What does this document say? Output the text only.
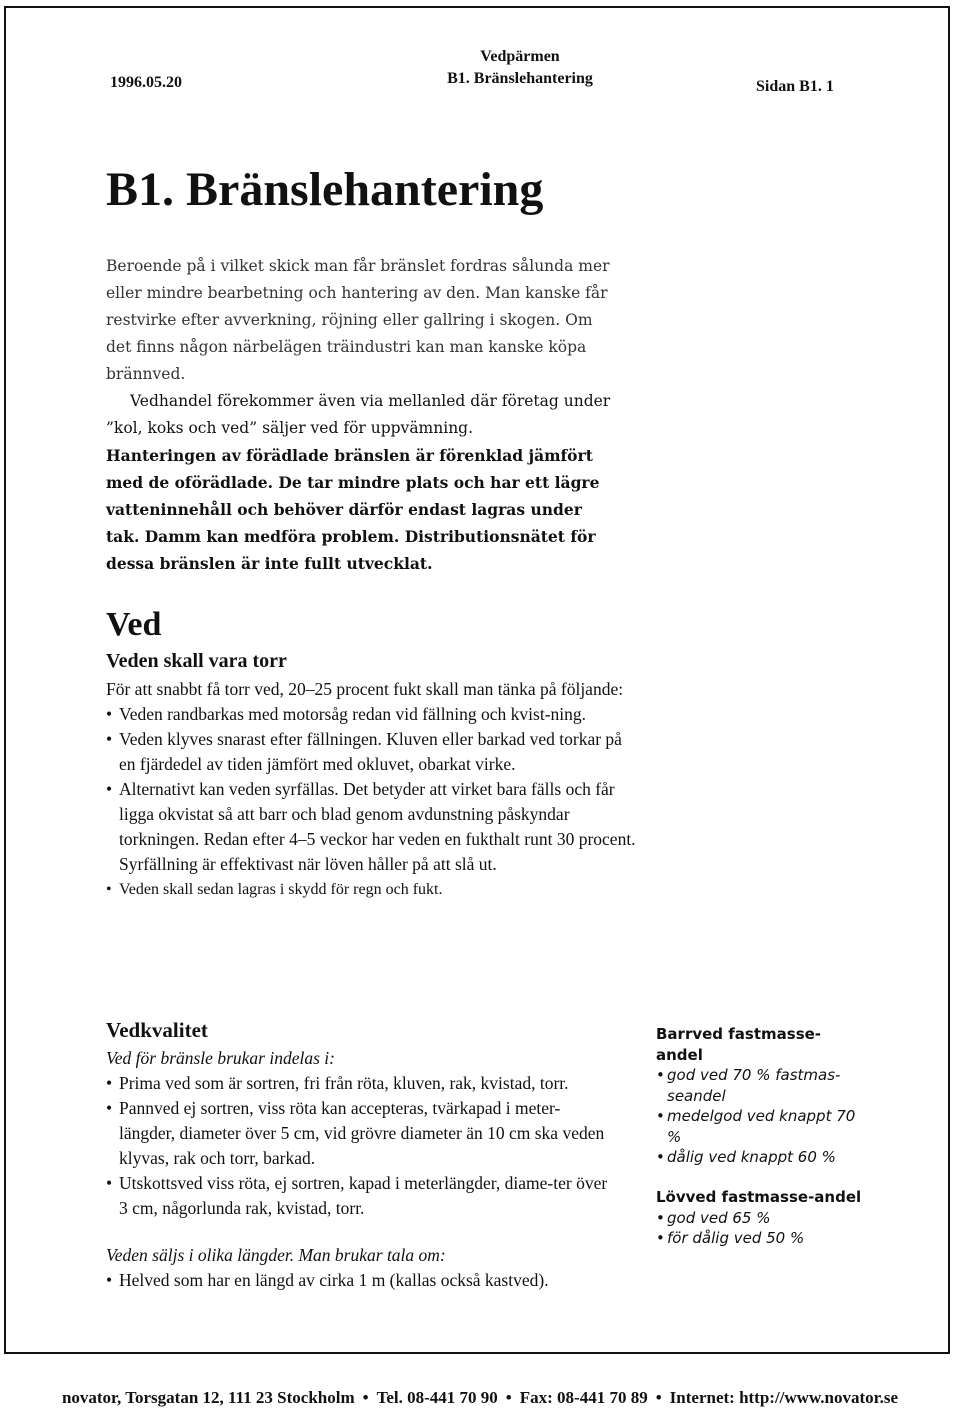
1996.05.20
Vedpärmen
B1. Bränslehantering	Sidan B1. 1
B1. Bränslehantering

Beroende på i vilket skick man får bränslet fordras sålunda mer eller mindre bearbetning och hantering av den. Man kanske får restvirke efter avverkning, röjning eller gallring i skogen. Om det finns någon närbelägen träindustri kan man kanske köpa brännved.

Vedhandel förekommer även via mellanled där företag under ”kol, koks och ved” säljer ved för uppvämning.

Hanteringen av förädlade bränslen är förenklad jämfört med de oförädlade. De tar mindre plats och har ett lägre vatteninnehåll och behöver därför endast lagras under tak. Damm kan medföra problem. Distributionsnätet för dessa bränslen är inte fullt utvecklat.

Ved
Veden skall vara torr

För att snabbt få torr ved, 20–25 procent fukt skall man tänka på följande:

• Veden randbarkas med motorsåg redan vid fällning och kvist-ning.
• Veden klyves snarast efter fällningen. Kluven eller barkad ved torkar på en fjärdedel av tiden jämfört med okluvet, obarkat virke.
• Alternativt kan veden syrfällas. Det betyder att virket bara fälls och får ligga okvistat så att barr och blad genom avdunstning påskyndar torkningen. Redan efter 4–5 veckor har veden en fukthalt runt 30 procent. Syrfällning är effektivast när löven håller på att slå ut.
• Veden skall sedan lagras i skydd för regn och fukt.
Vedkvalitet

Ved för bränsle brukar indelas i:

• Prima ved som är sortren, fri från röta, kluven, rak, kvistad, torr.
• Pannved ej sortren, viss röta kan accepteras, tvärkapad i meter-längder, diameter över 5 cm, vid grövre diameter än 10 cm ska veden klyvas, rak och torr, barkad.
• Utskottsved viss röta, ej sortren, kapad i meterlängder, diame-ter över 3 cm, någorlunda rak, kvistad, torr.

Veden säljs i olika längder. Man brukar tala om:

• Helved som har en längd av cirka 1 m (kallas också kastved).
Barrved fastmasse-andel
• god ved 70 % fastmas-seandel
• medelgod ved knappt 70 %
• dålig ved knappt 60 %
Lövved fastmasse-andel
• god ved 65 %
• för dålig ved 50 %
novator, Torsgatan 12, 111 23 Stockholm • Tel. 08-441 70 90 • Fax: 08-441 70 89 • Internet: http://www.novator.se
